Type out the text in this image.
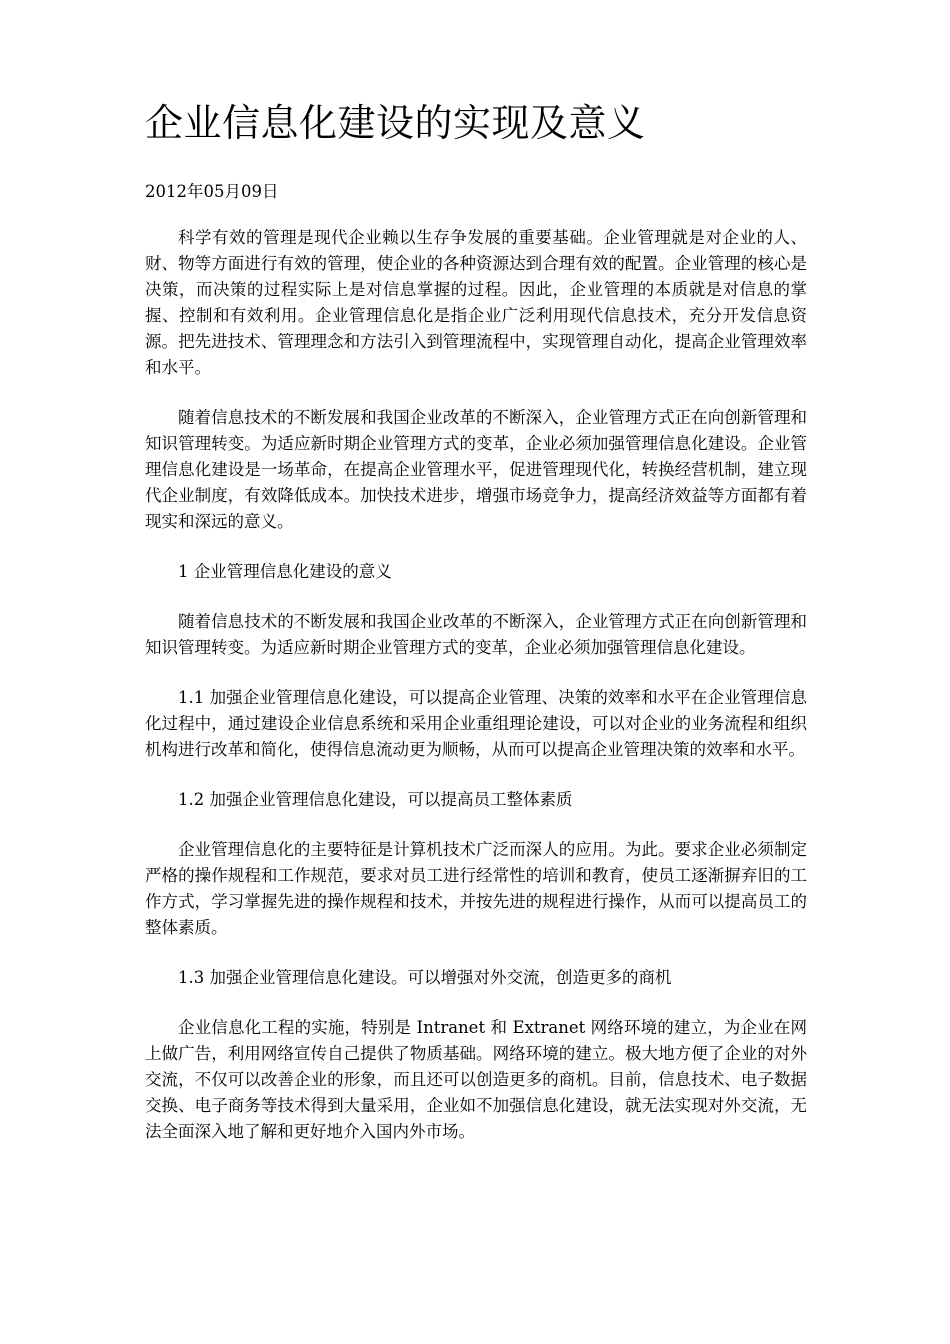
企业信息化建设的实现及意义
2012年05月09日

科学有效的管理是现代企业赖以生存争发展的重要基础。企业管理就是对企业的人、财、物等方面进行有效的管理，使企业的各种资源达到合理有效的配置。企业管理的核心是决策，而决策的过程实际上是对信息掌握的过程。因此，企业管理的本质就是对信息的掌握、控制和有效利用。企业管理信息化是指企业广泛利用现代信息技术，充分开发信息资源。把先进技术、管理理念和方法引入到管理流程中，实现管理自动化，提高企业管理效率和水平。

随着信息技术的不断发展和我国企业改革的不断深入，企业管理方式正在向创新管理和知识管理转变。为适应新时期企业管理方式的变革，企业必须加强管理信息化建设。企业管理信息化建设是一场革命，在提高企业管理水平，促进管理现代化，转换经营机制，建立现代企业制度，有效降低成本。加快技术进步，增强市场竞争力，提高经济效益等方面都有着现实和深远的意义。

1 企业管理信息化建设的意义

随着信息技术的不断发展和我国企业改革的不断深入，企业管理方式正在向创新管理和知识管理转变。为适应新时期企业管理方式的变革，企业必须加强管理信息化建设。

1.1 加强企业管理信息化建设，可以提高企业管理、决策的效率和水平在企业管理信息化过程中，通过建设企业信息系统和采用企业重组理论建设，可以对企业的业务流程和组织机构进行改革和简化，使得信息流动更为顺畅，从而可以提高企业管理决策的效率和水平。

1.2 加强企业管理信息化建设，可以提高员工整体素质

企业管理信息化的主要特征是计算机技术广泛而深人的应用。为此。要求企业必须制定严格的操作规程和工作规范，要求对员工进行经常性的培训和教育，使员工逐渐摒弃旧的工作方式，学习掌握先进的操作规程和技术，并按先进的规程进行操作，从而可以提高员工的整体素质。

1.3 加强企业管理信息化建设。可以增强对外交流，创造更多的商机

企业信息化工程的实施，特别是 Intranet 和 Extranet 网络环境的建立，为企业在网上做广告，利用网络宣传自己提供了物质基础。网络环境的建立。极大地方便了企业的对外交流，不仅可以改善企业的形象，而且还可以创造更多的商机。目前，信息技术、电子数据交换、电子商务等技术得到大量采用，企业如不加强信息化建设，就无法实现对外交流，无法全面深入地了解和更好地介入国内外市场。
